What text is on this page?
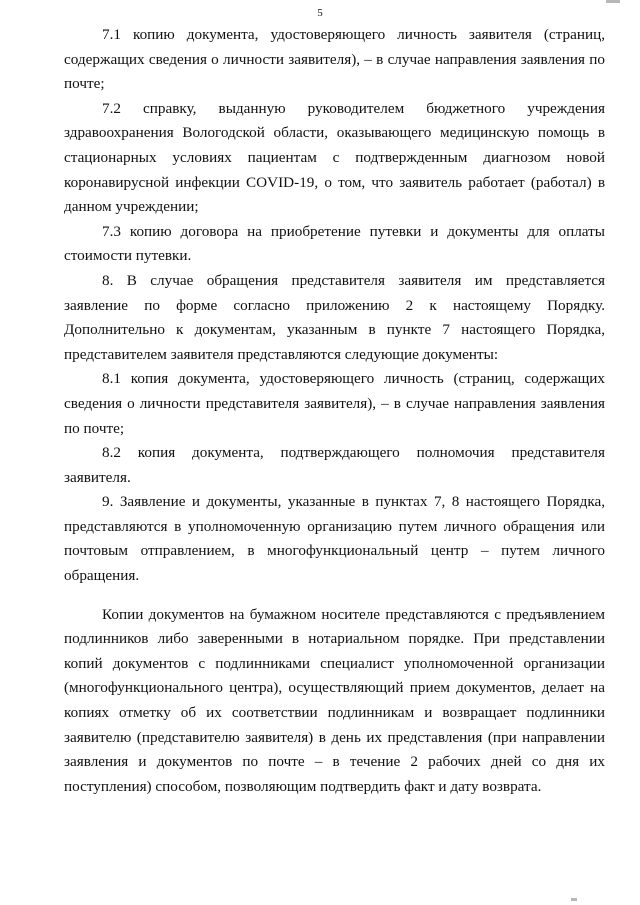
5

7.1 копию документа, удостоверяющего личность заявителя (страниц, содержащих сведения о личности заявителя), – в случае направления заявления по почте;

7.2 справку, выданную руководителем бюджетного учреждения здравоохранения Вологодской области, оказывающего медицинскую помощь в стационарных условиях пациентам с подтвержденным диагнозом новой коронавирусной инфекции COVID-19, о том, что заявитель работает (работал) в данном учреждении;

7.3 копию договора на приобретение путевки и документы для оплаты стоимости путевки.

8. В случае обращения представителя заявителя им представляется заявление по форме согласно приложению 2 к настоящему Порядку. Дополнительно к документам, указанным в пункте 7 настоящего Порядка, представителем заявителя представляются следующие документы:

8.1 копия документа, удостоверяющего личность (страниц, содержащих сведения о личности представителя заявителя), – в случае направления заявления по почте;

8.2 копия документа, подтверждающего полномочия представителя заявителя.

9. Заявление и документы, указанные в пунктах 7, 8 настоящего Порядка, представляются в уполномоченную организацию путем личного обращения или почтовым отправлением, в многофункциональный центр – путем личного обращения.

Копии документов на бумажном носителе представляются с предъявлением подлинников либо заверенными в нотариальном порядке. При представлении копий документов с подлинниками специалист уполномоченной организации (многофункционального центра), осуществляющий прием документов, делает на копиях отметку об их соответствии подлинникам и возвращает подлинники заявителю (представителю заявителя) в день их представления (при направлении заявления и документов по почте – в течение 2 рабочих дней со дня их поступления) способом, позволяющим подтвердить факт и дату возврата.
